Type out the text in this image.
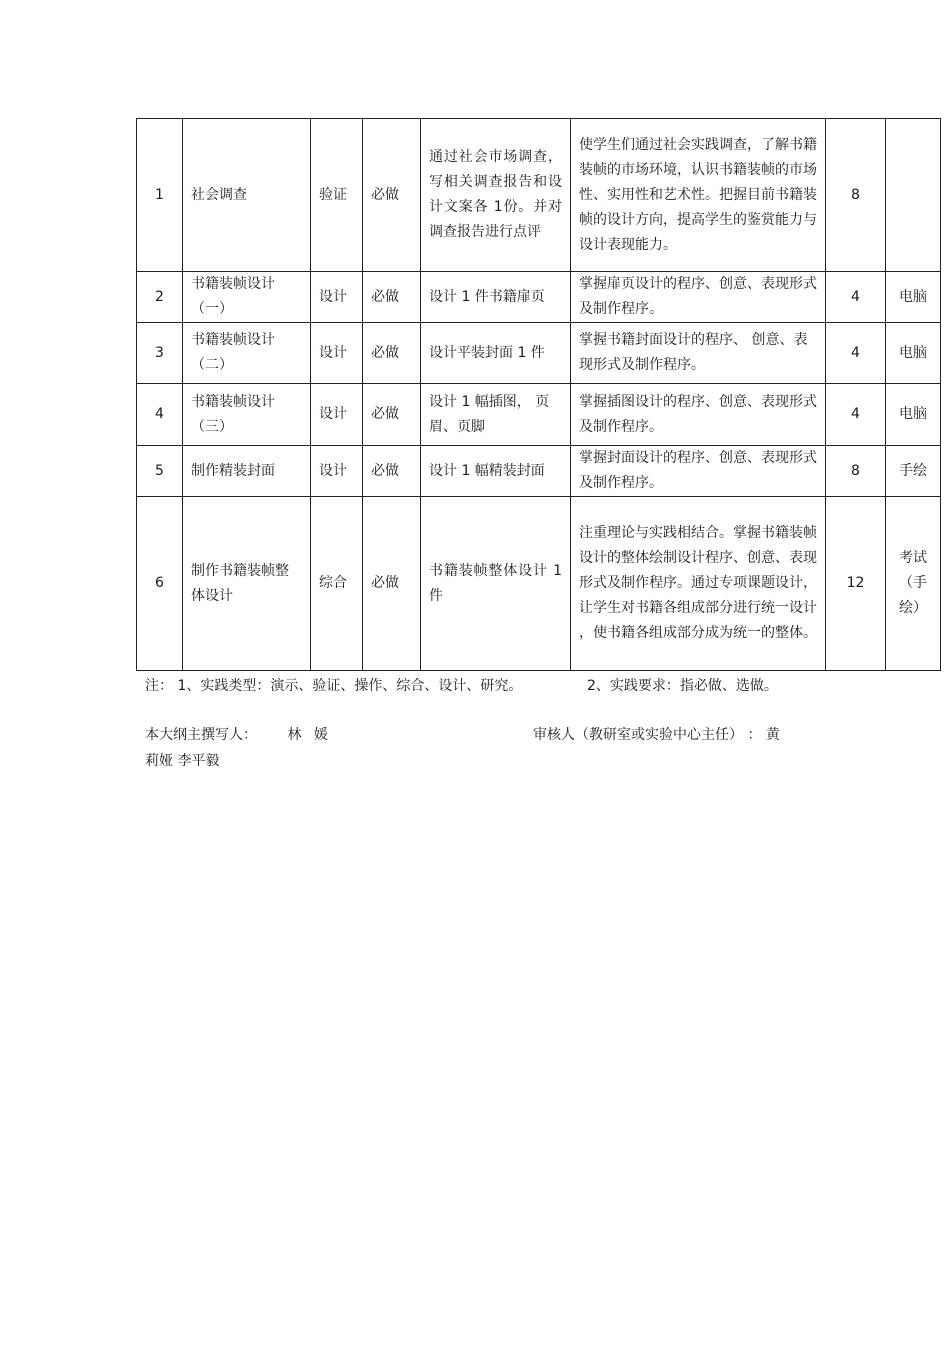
1	社会调查	验证	必做	通过社会市场调查，写相关调查报告和设计文案各 1份。并对调查报告进行点评	使学生们通过社会实践调查，了解书籍装帧的市场环境，认识书籍装帧的市场性、实用性和艺术性。把握目前书籍装帧的设计方向，提高学生的鉴赏能力与设计表现能力。	8	
2	书籍装帧设计（一）	设计	必做	设计 1 件书籍扉页	掌握扉页设计的程序、创意、表现形式及制作程序。	4	电脑
3	书籍装帧设计（二）	设计	必做	设计平装封面 1 件	掌握书籍封面设计的程序、 创意、表现形式及制作程序。	4	电脑
4	书籍装帧设计（三）	设计	必做	设计 1 幅插图， 页眉、页脚	掌握插图设计的程序、创意、表现形式及制作程序。	4	电脑
5	制作精装封面	设计	必做	设计 1 幅精装封面	掌握封面设计的程序、创意、表现形式及制作程序。	8	手绘
6	制作书籍装帧整体设计	综合	必做	书籍装帧整体设计 1 件	注重理论与实践相结合。掌握书籍装帧设计的整体绘制设计程序、创意、表现形式及制作程序。通过专项课题设计，让学生对书籍各组成部分进行统一设计 ，使书籍各组成部分成为统一的整体。	12	考试（手绘）
注： 1、实践类型：演示、验证、操作、综合、设计、研究。	2、实践要求：指必做、选做。
本大纲主撰写人： 林 媛	审核人（教研室或实验中心主任） ： 黄
莉娅 李平毅
